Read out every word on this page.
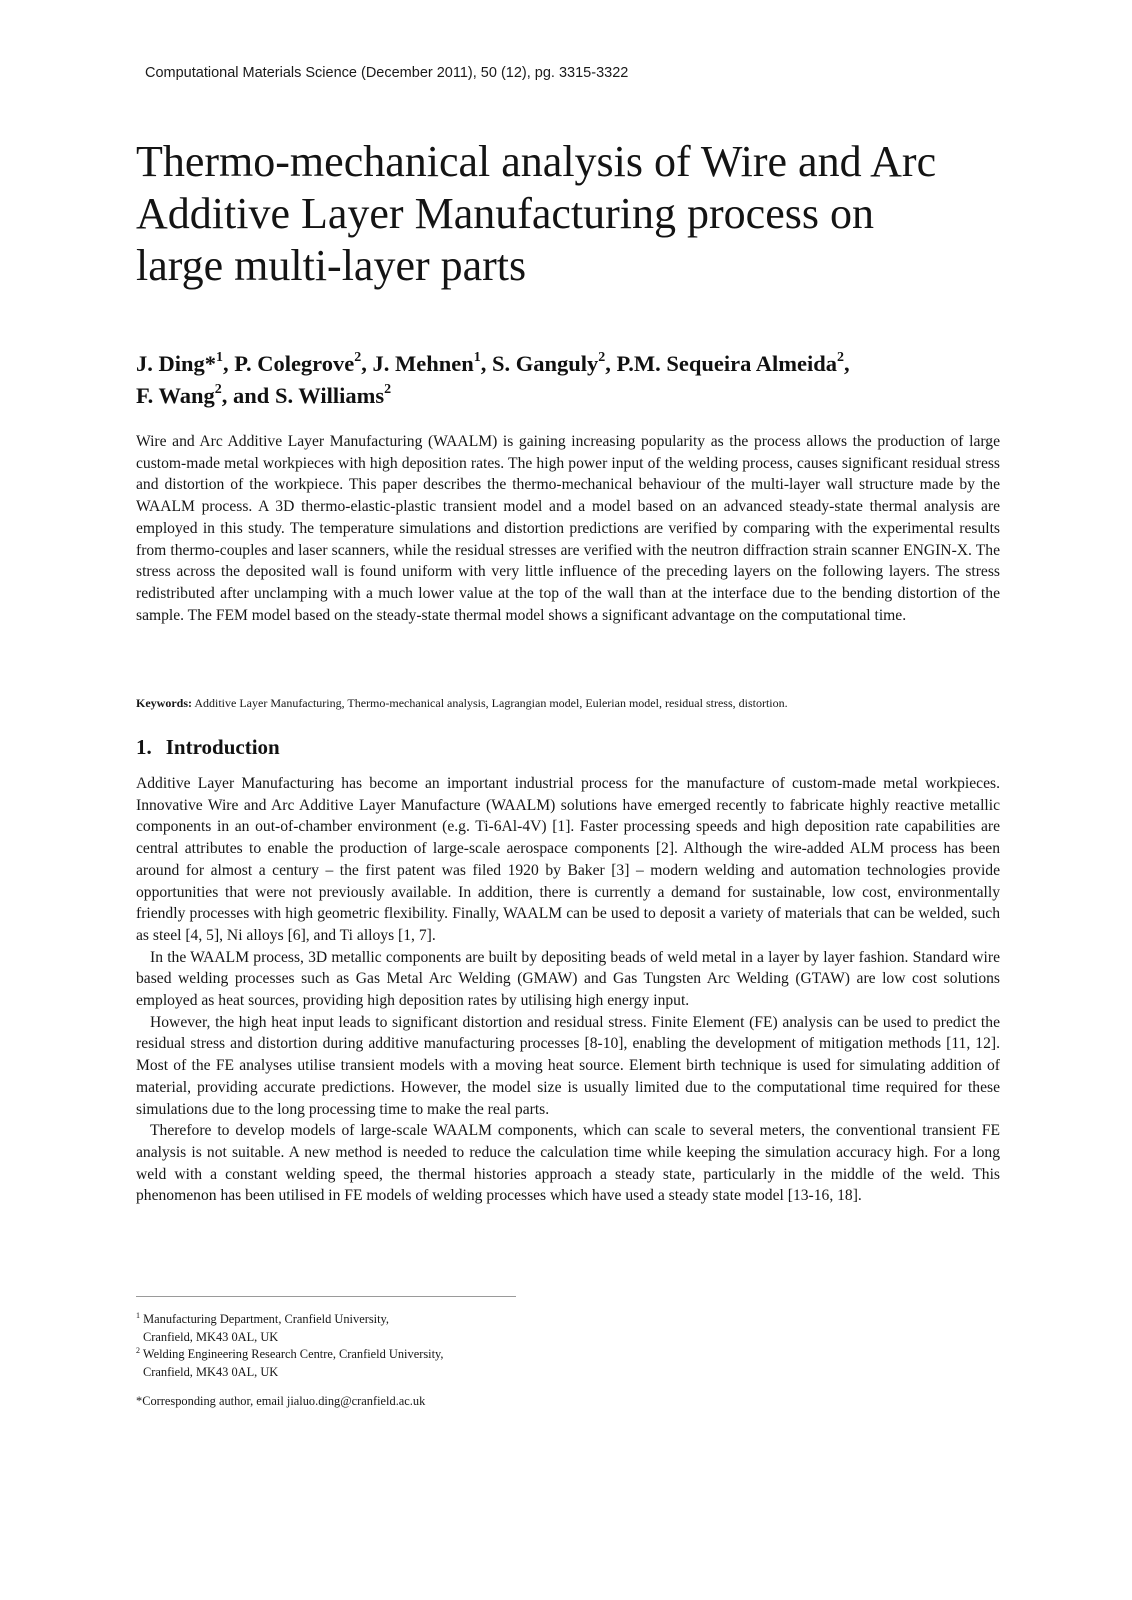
Computational Materials Science (December 2011), 50 (12), pg. 3315-3322
Thermo-mechanical analysis of Wire and Arc
Additive Layer Manufacturing process on
large multi-layer parts
J. Ding*$^1$, P. Colegrove$^2$, J. Mehnen$^1$, S. Ganguly$^2$, P.M. Sequeira Almeida$^2$,
F. Wang$^2$, and S. Williams$^2$

Wire and Arc Additive Layer Manufacturing (WAALM) is gaining increasing popularity as the process allows the production of large custom-made metal workpieces with high deposition rates. The high power input of the welding process, causes significant residual stress and distortion of the workpiece. This paper describes the thermo-mechanical behaviour of the multi-layer wall structure made by the WAALM process. A 3D thermo-elastic-plastic transient model and a model based on an advanced steady-state thermal analysis are employed in this study. The temperature simulations and distortion predictions are verified by comparing with the experimental results from thermo-couples and laser scanners, while the residual stresses are verified with the neutron diffraction strain scanner ENGIN-X. The stress across the deposited wall is found uniform with very little influence of the preceding layers on the following layers. The stress redistributed after unclamping with a much lower value at the top of the wall than at the interface due to the bending distortion of the sample. The FEM model based on the steady-state thermal model shows a significant advantage on the computational time.

Keywords: Additive Layer Manufacturing, Thermo-mechanical analysis, Lagrangian model, Eulerian model, residual stress, distortion.
1. Introduction

Additive Layer Manufacturing has become an important industrial process for the manufacture of custom-made metal workpieces. Innovative Wire and Arc Additive Layer Manufacture (WAALM) solutions have emerged recently to fabricate highly reactive metallic components in an out-of-chamber environment (e.g. Ti-6Al-4V) [1]. Faster processing speeds and high deposition rate capabilities are central attributes to enable the production of large-scale aerospace components [2]. Although the wire-added ALM process has been around for almost a century – the first patent was filed 1920 by Baker [3] – modern welding and automation technologies provide opportunities that were not previously available. In addition, there is currently a demand for sustainable, low cost, environmentally friendly processes with high geometric flexibility. Finally, WAALM can be used to deposit a variety of materials that can be welded, such as steel [4, 5], Ni alloys [6], and Ti alloys [1, 7].

In the WAALM process, 3D metallic components are built by depositing beads of weld metal in a layer by layer fashion. Standard wire based welding processes such as Gas Metal Arc Welding (GMAW) and Gas Tungsten Arc Welding (GTAW) are low cost solutions employed as heat sources, providing high deposition rates by utilising high energy input.

However, the high heat input leads to significant distortion and residual stress. Finite Element (FE) analysis can be used to predict the residual stress and distortion during additive manufacturing processes [8-10], enabling the development of mitigation methods [11, 12]. Most of the FE analyses utilise transient models with a moving heat source. Element birth technique is used for simulating addition of material, providing accurate predictions. However, the model size is usually limited due to the computational time required for these simulations due to the long processing time to make the real parts.

Therefore to develop models of large-scale WAALM components, which can scale to several meters, the conventional transient FE analysis is not suitable. A new method is needed to reduce the calculation time while keeping the simulation accuracy high. For a long weld with a constant welding speed, the thermal histories approach a steady state, particularly in the middle of the weld. This phenomenon has been utilised in FE models of welding processes which have used a steady state model [13-16, 18].

$^1$ Manufacturing Department, Cranfield University,
Cranfield, MK43 0AL, UK

$^2$ Welding Engineering Research Centre, Cranfield University,
Cranfield, MK43 0AL, UK

*Corresponding author, email jialuo.ding@cranfield.ac.uk
